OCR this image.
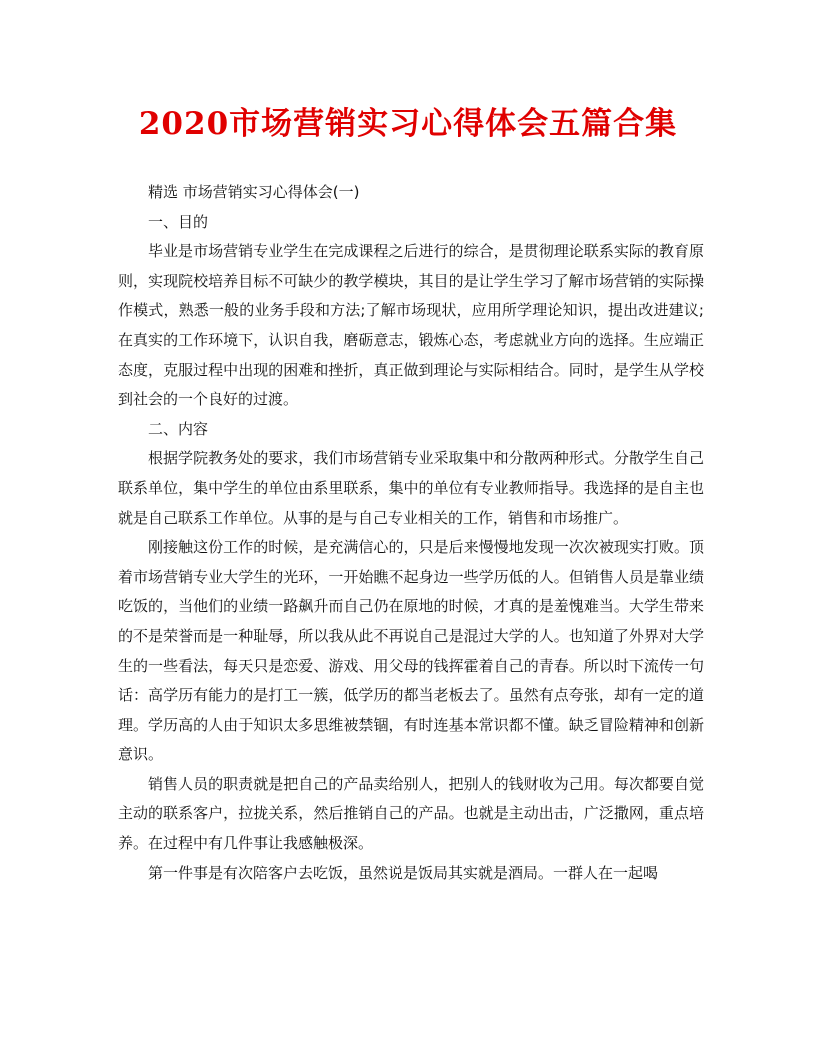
2020市场营销实习心得体会五篇合集

精选 市场营销实习心得体会(一)

一、目的

毕业是市场营销专业学生在完成课程之后进行的综合，是贯彻理论联系实际的教育原则，实现院校培养目标不可缺少的教学模块，其目的是让学生学习了解市场营销的实际操作模式，熟悉一般的业务手段和方法;了解市场现状，应用所学理论知识，提出改进建议;在真实的工作环境下，认识自我，磨砺意志，锻炼心态，考虑就业方向的选择。生应端正态度，克服过程中出现的困难和挫折，真正做到理论与实际相结合。同时，是学生从学校到社会的一个良好的过渡。

二、内容

根据学院教务处的要求，我们市场营销专业采取集中和分散两种形式。分散学生自己联系单位，集中学生的单位由系里联系，集中的单位有专业教师指导。我选择的是自主也就是自己联系工作单位。从事的是与自己专业相关的工作，销售和市场推广。

刚接触这份工作的时候，是充满信心的，只是后来慢慢地发现一次次被现实打败。顶着市场营销专业大学生的光环，一开始瞧不起身边一些学历低的人。但销售人员是靠业绩吃饭的，当他们的业绩一路飙升而自己仍在原地的时候，才真的是羞愧难当。大学生带来的不是荣誉而是一种耻辱，所以我从此不再说自己是混过大学的人。也知道了外界对大学生的一些看法，每天只是恋爱、游戏、用父母的钱挥霍着自己的青春。所以时下流传一句话：高学历有能力的是打工一簇，低学历的都当老板去了。虽然有点夸张，却有一定的道理。学历高的人由于知识太多思维被禁锢，有时连基本常识都不懂。缺乏冒险精神和创新意识。

销售人员的职责就是把自己的产品卖给别人，把别人的钱财收为己用。每次都要自觉主动的联系客户，拉拢关系，然后推销自己的产品。也就是主动出击，广泛撒网，重点培养。在过程中有几件事让我感触极深。

第一件事是有次陪客户去吃饭，虽然说是饭局其实就是酒局。一群人在一起喝
